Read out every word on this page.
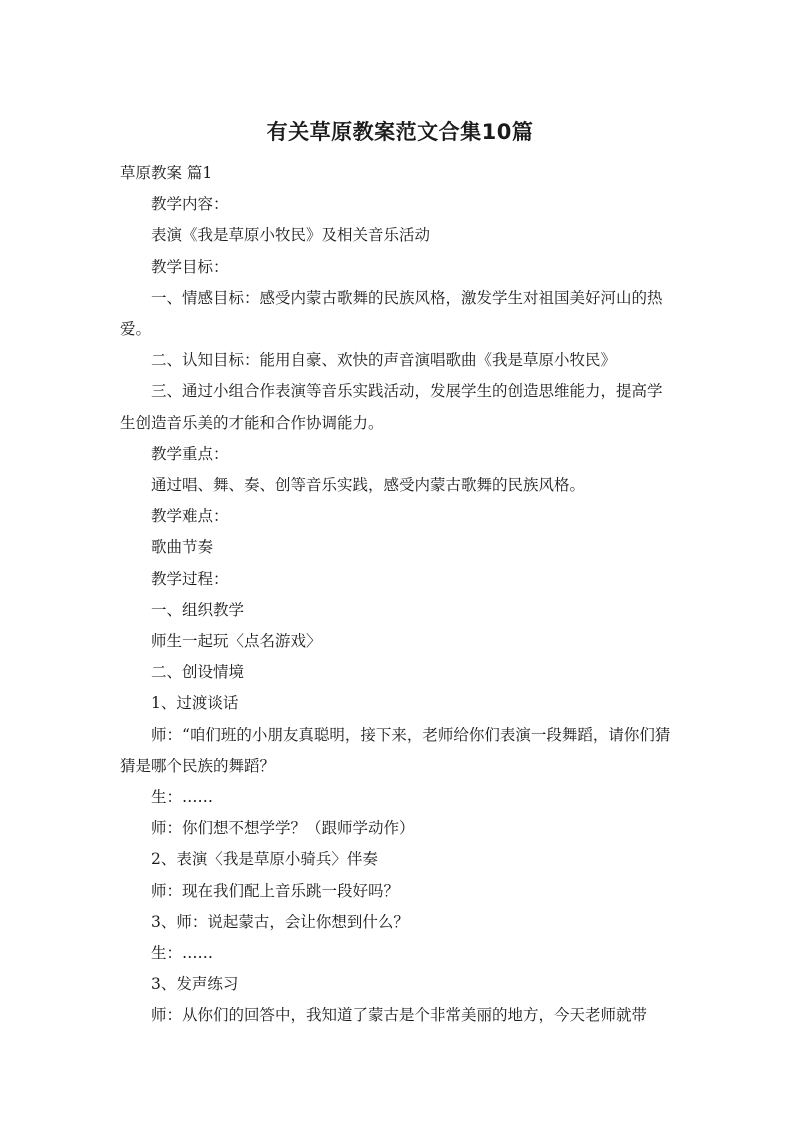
有关草原教案范文合集10篇

草原教案 篇1

教学内容：

表演《我是草原小牧民》及相关音乐活动

教学目标：

一、情感目标：感受内蒙古歌舞的民族风格，激发学生对祖国美好河山的热爱。

二、认知目标：能用自豪、欢快的声音演唱歌曲《我是草原小牧民》

三、通过小组合作表演等音乐实践活动，发展学生的创造思维能力，提高学生创造音乐美的才能和合作协调能力。

教学重点：

通过唱、舞、奏、创等音乐实践，感受内蒙古歌舞的民族风格。

教学难点：

歌曲节奏

教学过程：

一、组织教学

师生一起玩〈点名游戏〉

二、创设情境

1、过渡谈话

师：“咱们班的小朋友真聪明，接下来，老师给你们表演一段舞蹈，请你们猜猜是哪个民族的舞蹈？

生：……

师：你们想不想学学？（跟师学动作）

2、表演〈我是草原小骑兵〉伴奏

师：现在我们配上音乐跳一段好吗？

3、师：说起蒙古，会让你想到什么？

生：……

3、发声练习

师：从你们的回答中，我知道了蒙古是个非常美丽的地方，今天老师就带
